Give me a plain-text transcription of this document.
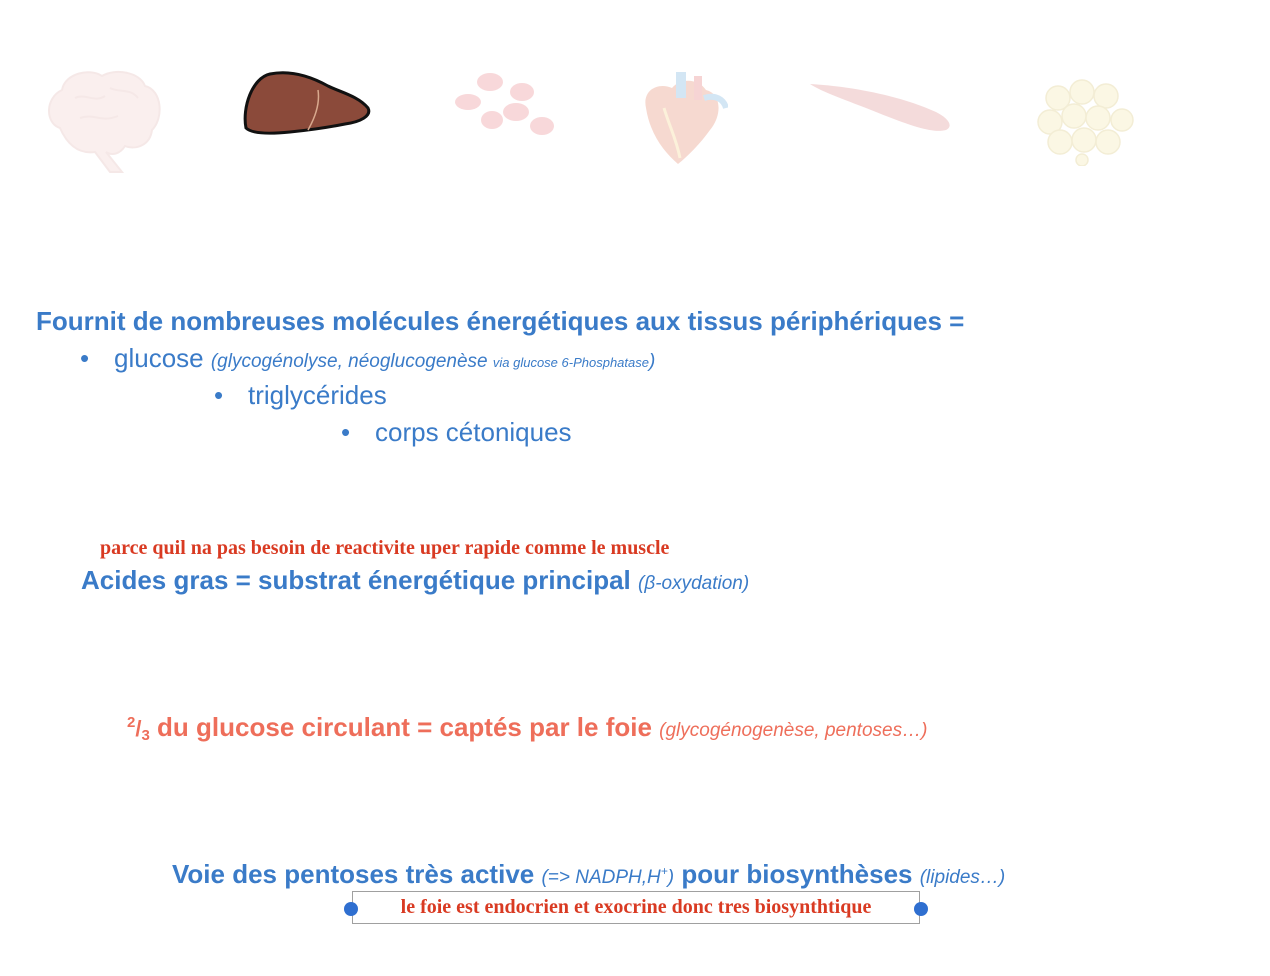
Fournit de nombreuses molécules énergétiques aux tissus périphériques =
• glucose (glycogénolyse, néoglucogenèse via glucose 6-Phosphatase)
• triglycérides
• corps cétoniques
parce quil na pas besoin de reactivite uper rapide comme le muscle
Acides gras = substrat énergétique principal (β-oxydation)
$^2$/3 du glucose circulant = captés par le foie (glycogénogenèse, pentoses…)
Voie des pentoses très active (=> NADPH,H+) pour biosynthèses (lipides…)
le foie est endocrien et exocrine donc tres biosynthtique
